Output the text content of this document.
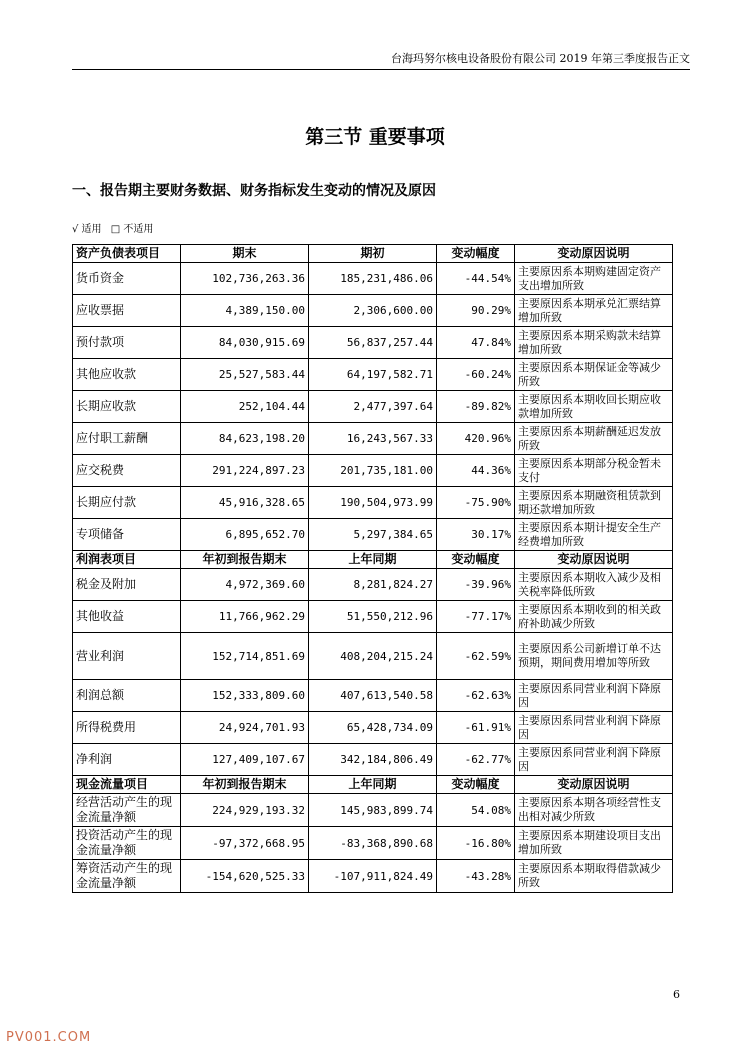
台海玛努尔核电设备股份有限公司 2019 年第三季度报告正文
第三节 重要事项
一、报告期主要财务数据、财务指标发生变动的情况及原因
√ 适用 □ 不适用
资产负债表项目	期末	期初	变动幅度	变动原因说明
货币资金	102,736,263.36	185,231,486.06	-44.54%	主要原因系本期购建固定资产支出增加所致
应收票据	4,389,150.00	2,306,600.00	90.29%	主要原因系本期承兑汇票结算增加所致
预付款项	84,030,915.69	56,837,257.44	47.84%	主要原因系本期采购款未结算增加所致
其他应收款	25,527,583.44	64,197,582.71	-60.24%	主要原因系本期保证金等减少所致
长期应收款	252,104.44	2,477,397.64	-89.82%	主要原因系本期收回长期应收款增加所致
应付职工薪酬	84,623,198.20	16,243,567.33	420.96%	主要原因系本期薪酬延迟发放所致
应交税费	291,224,897.23	201,735,181.00	44.36%	主要原因系本期部分税金暂未支付
长期应付款	45,916,328.65	190,504,973.99	-75.90%	主要原因系本期融资租赁款到期还款增加所致
专项储备	6,895,652.70	5,297,384.65	30.17%	主要原因系本期计提安全生产经费增加所致
利润表项目	年初到报告期末	上年同期	变动幅度	变动原因说明
税金及附加	4,972,369.60	8,281,824.27	-39.96%	主要原因系本期收入减少及相关税率降低所致
其他收益	11,766,962.29	51,550,212.96	-77.17%	主要原因系本期收到的相关政府补助减少所致
营业利润	152,714,851.69	408,204,215.24	-62.59%	主要原因系公司新增订单不达预期，期间费用增加等所致
利润总额	152,333,809.60	407,613,540.58	-62.63%	主要原因系同营业利润下降原因
所得税费用	24,924,701.93	65,428,734.09	-61.91%	主要原因系同营业利润下降原因
净利润	127,409,107.67	342,184,806.49	-62.77%	主要原因系同营业利润下降原因
现金流量项目	年初到报告期末	上年同期	变动幅度	变动原因说明
经营活动产生的现金流量净额	224,929,193.32	145,983,899.74	54.08%	主要原因系本期各项经营性支出相对减少所致
投资活动产生的现金流量净额	-97,372,668.95	-83,368,890.68	-16.80%	主要原因系本期建设项目支出增加所致
筹资活动产生的现金流量净额	-154,620,525.33	-107,911,824.49	-43.28%	主要原因系本期取得借款减少所致
6
PV001.COM
